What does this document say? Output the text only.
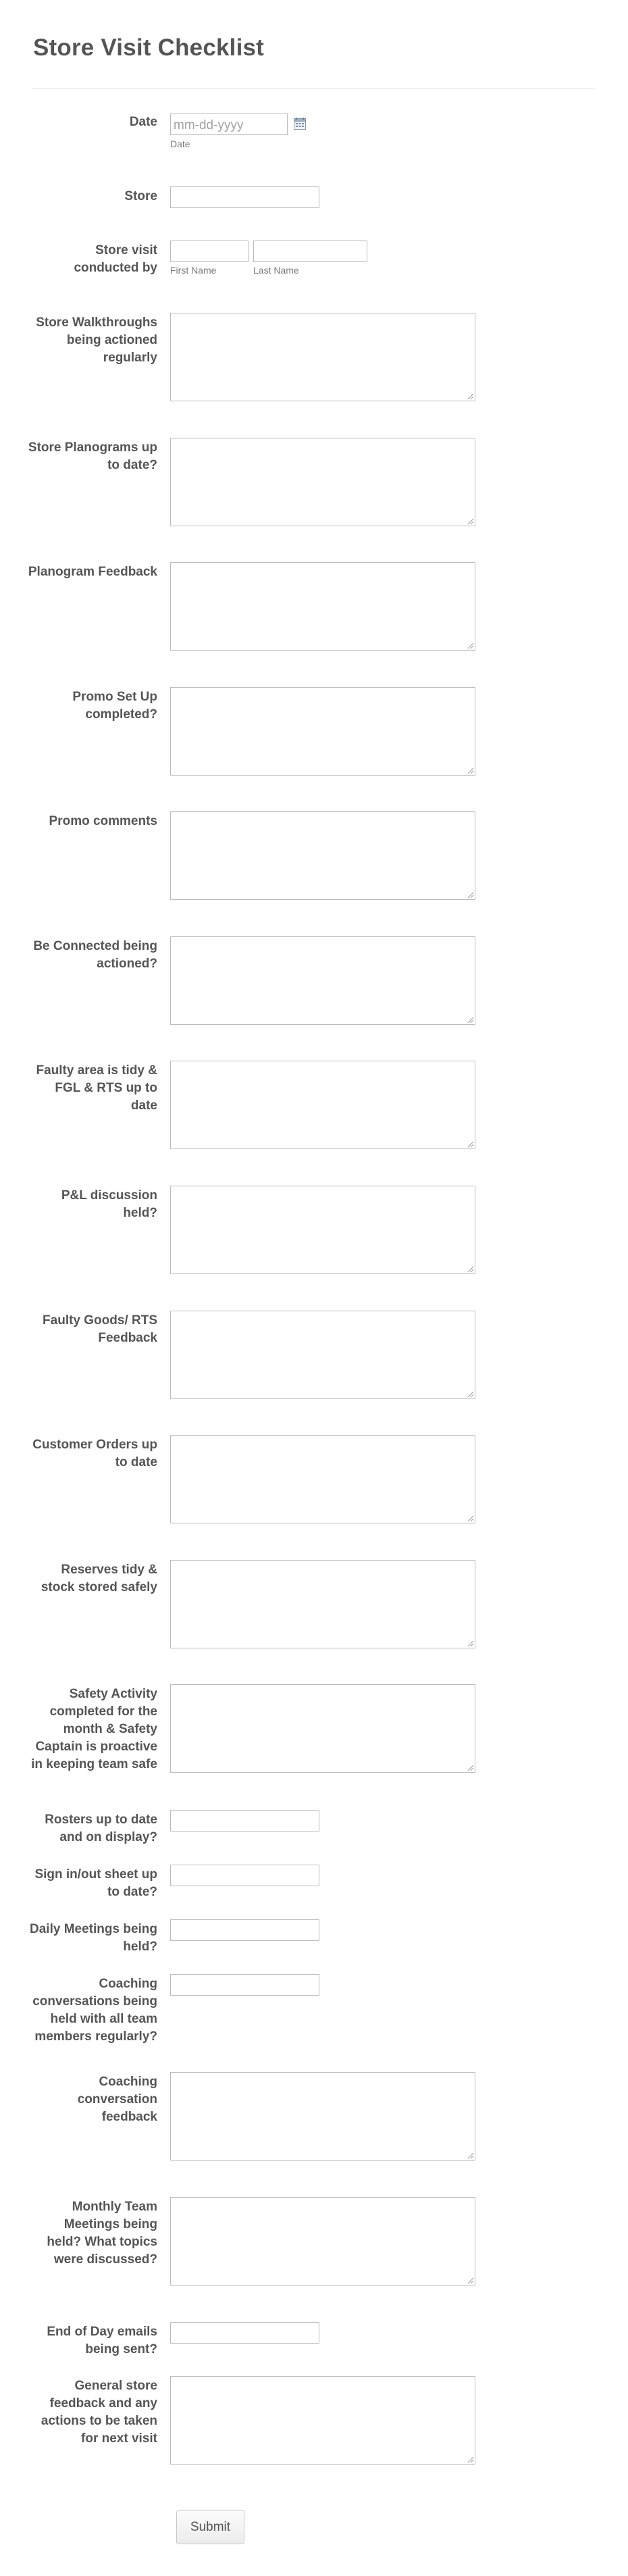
Store Visit Checklist
Date mm-dd-yyyy
Date
Store
Store visit conducted by First Name	Last Name
Store Walkthroughs being actioned regularly
Store Planograms up to date?
Planogram Feedback
Promo Set Up completed?
Promo comments
Be Connected being actioned?
Faulty area is tidy & FGL & RTS up to date
P&L discussion held?
Faulty Goods/ RTS Feedback
Customer Orders up to date
Reserves tidy & stock stored safely
Safety Activity completed for the month & Safety Captain is proactive in keeping team safe
Rosters up to date and on display?
Sign in/out sheet up to date?
Daily Meetings being held?
Coaching conversations being held with all team members regularly?
Coaching conversation feedback
Monthly Team Meetings being held? What topics were discussed?
End of Day emails being sent?
General store feedback and any actions to be taken for next visit
Submit
